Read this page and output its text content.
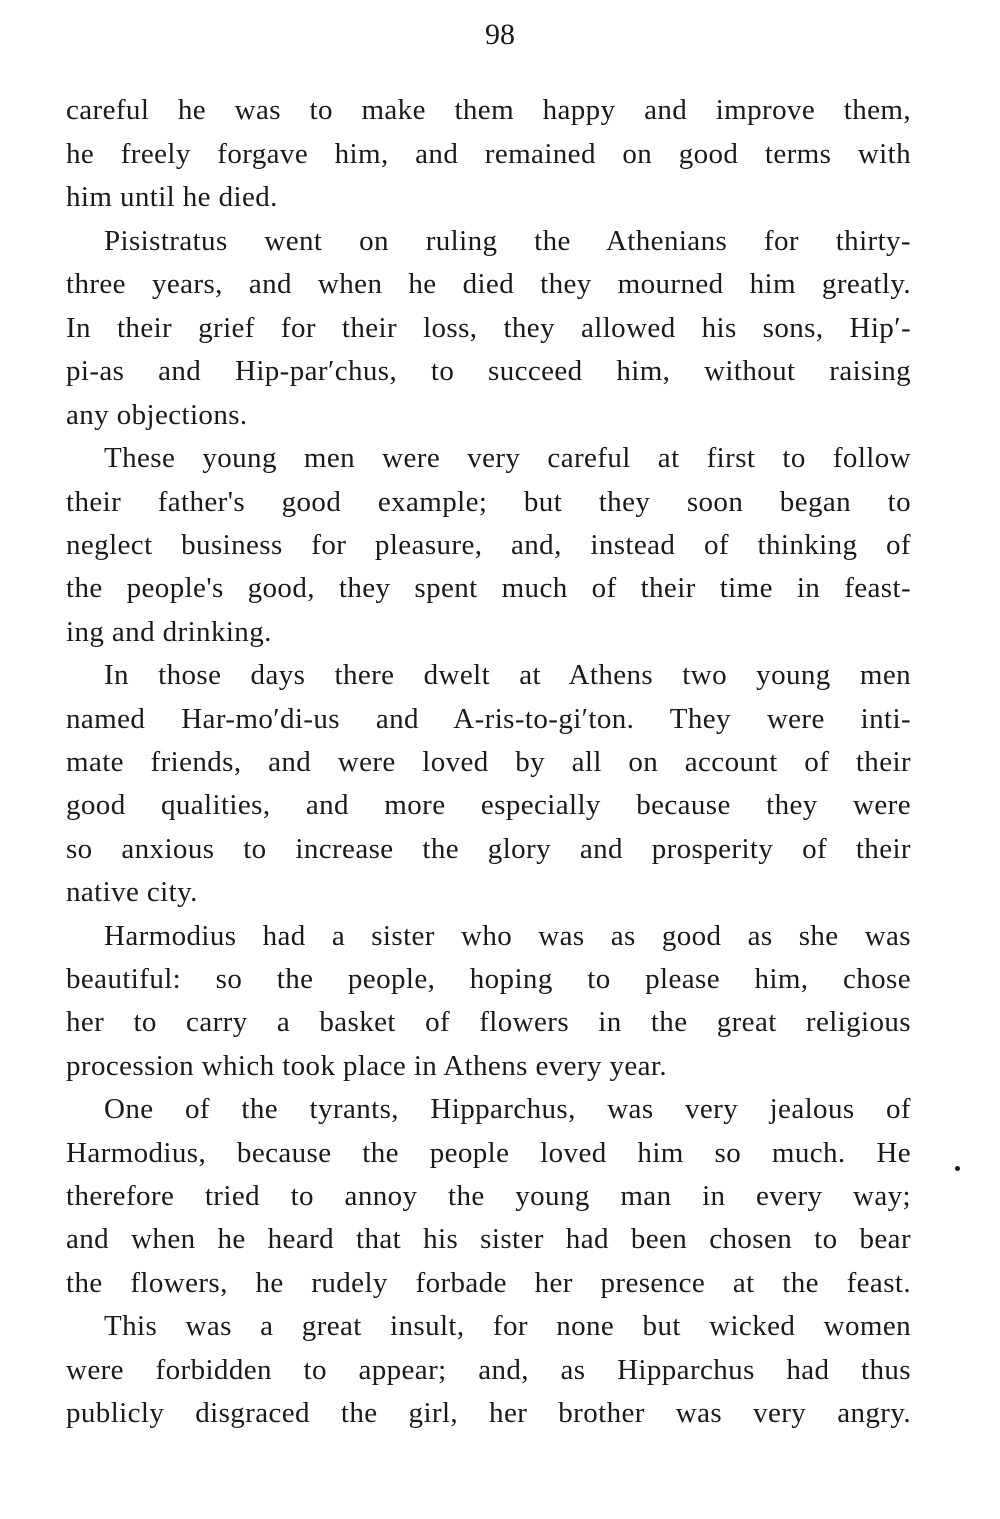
98
careful he was to make them happy and improve them,
he freely forgave him, and remained on good terms with
him until he died.
Pisistratus went on ruling the Athenians for thirty-
three years, and when he died they mourned him greatly.
In their grief for their loss, they allowed his sons, Hip′-
pi-as and Hip-par′chus, to succeed him, without raising
any objections.
These young men were very careful at first to follow
their father's good example; but they soon began to
neglect business for pleasure, and, instead of thinking of
the people's good, they spent much of their time in feast-
ing and drinking.
In those days there dwelt at Athens two young men
named Har-mo′di-us and A-ris-to-gi′ton. They were inti-
mate friends, and were loved by all on account of their
good qualities, and more especially because they were
so anxious to increase the glory and prosperity of their
native city.
Harmodius had a sister who was as good as she was
beautiful: so the people, hoping to please him, chose
her to carry a basket of flowers in the great religious
procession which took place in Athens every year.
One of the tyrants, Hipparchus, was very jealous of
Harmodius, because the people loved him so much. He
therefore tried to annoy the young man in every way;
and when he heard that his sister had been chosen to bear
the flowers, he rudely forbade her presence at the feast.
This was a great insult, for none but wicked women
were forbidden to appear; and, as Hipparchus had thus
publicly disgraced the girl, her brother was very angry.
